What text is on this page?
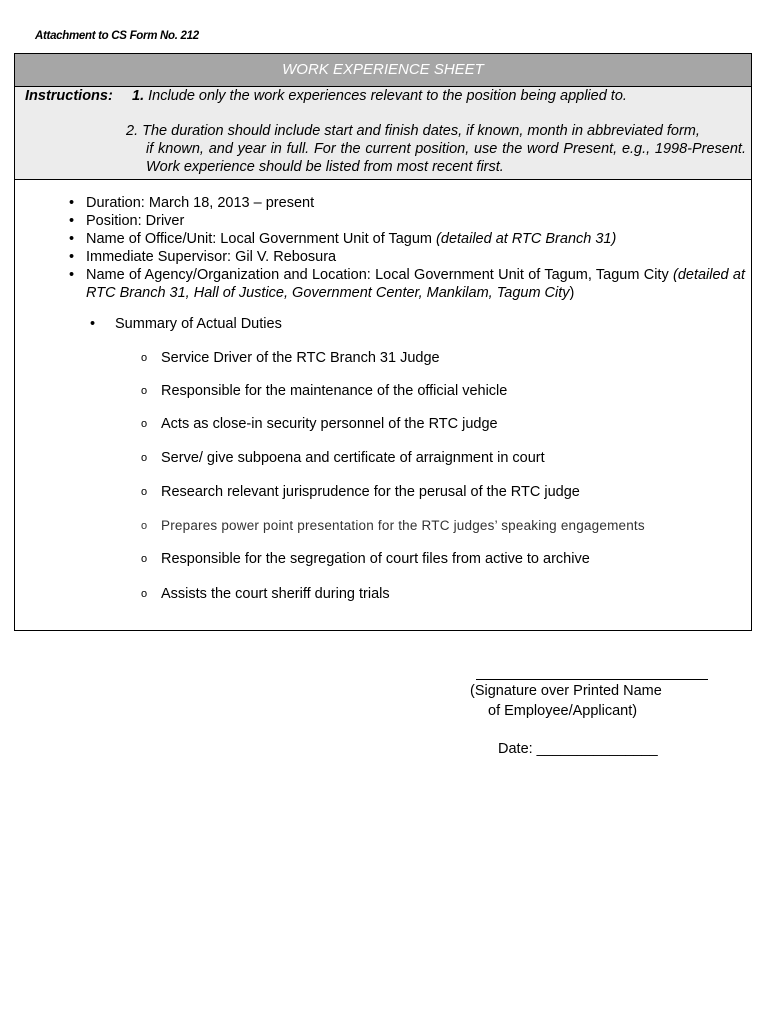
Attachment to CS Form No. 212
WORK EXPERIENCE SHEET
Instructions: 1. Include only the work experiences relevant to the position being applied to.
2. The duration should include start and finish dates, if known, month in abbreviated form,
if known, and year in full. For the current position, use the word Present, e.g., 1998-Present. Work experience should be listed from most recent first.
• Duration: March 18, 2013 – present
• Position: Driver
• Name of Office/Unit: Local Government Unit of Tagum (detailed at RTC Branch 31)
• Immediate Supervisor: Gil V. Rebosura
• Name of Agency/Organization and Location: Local Government Unit of Tagum, Tagum City (detailed at RTC Branch 31, Hall of Justice, Government Center, Mankilam, Tagum City)
• Summary of Actual Duties
o Service Driver of the RTC Branch 31 Judge
o Responsible for the maintenance of the official vehicle
o Acts as close-in security personnel of the RTC judge
o Serve/ give subpoena and certificate of arraignment in court
o Research relevant jurisprudence for the perusal of the RTC judge
o Prepares power point presentation for the RTC judges’ speaking engagements
o Responsible for the segregation of court files from active to archive
o Assists the court sheriff during trials
(Signature over Printed Name
of Employee/Applicant)
Date: _______________
